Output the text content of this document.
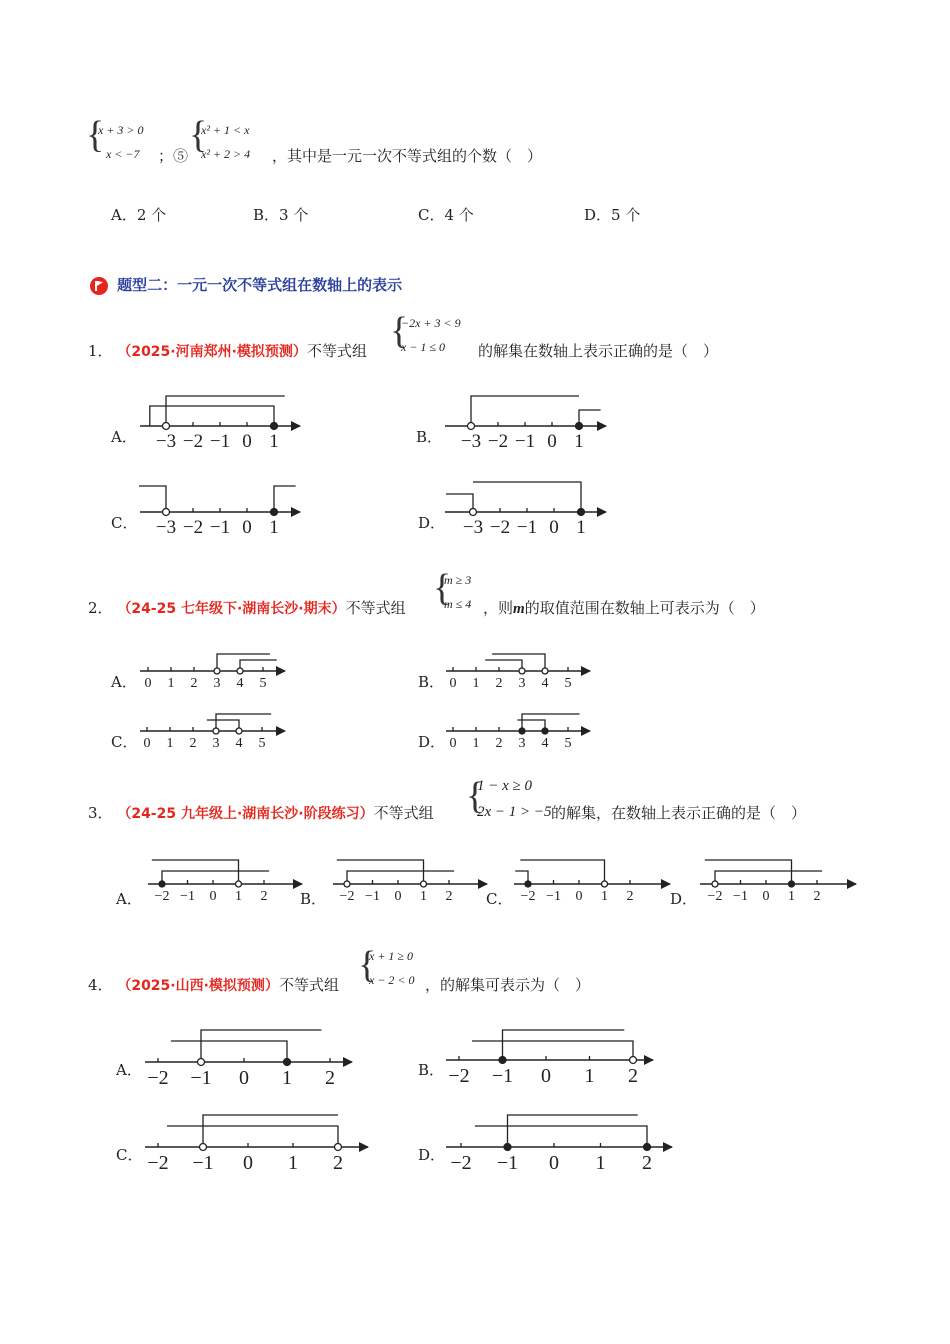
{
x + 3 > 0
x < −7 ；⑤ {
x² + 1 < x
x² + 2 > 4 ，其中是一元一次不等式组的个数（　）
A．2 个	B．3 个	C．4 个	D．5 个
题型二：一元一次不等式组在数轴上的表示
{
−2x + 3 < 9
x − 1 ≤ 0
1． （2025·河南郑州·模拟预测）不等式组	的解集在数轴上表示正确的是（　）
A．	B．
C．	D．
−3 −2 −1 0 1	−3 −2 −1 0 1
−3 −2 −1 0 1	−3 −2 −1 0 1
0 1 2 3 4 5	0 1 2 3 4 5
0 1 2 3 4 5	0 1 2 3 4 5
−2 −1 0 1 2	−2 −1 0 1 2	−2 −1 0 1 2	−2 −1 0 1 2
−2 −1 0 1 2	−2 −1 0 1 2
−2 −1 0 1 2	−2 −1 0 1 2
{
m ≥ 3
m ≤ 4
2． （24-25 七年级下·湖南长沙·期末）不等式组	，则m的取值范围在数轴上可表示为（　）
A．	B．
C．	D．
{
1 − x ≥ 0
2x − 1 > −5
3． （24-25 九年级上·湖南长沙·阶段练习）不等式组	的解集，在数轴上表示正确的是（　）
A．	B．	C．	D．
{
x + 1 ≥ 0
x − 2 < 0
4． （2025·山西·模拟预测）不等式组	，的解集可表示为（　）
A．	B．
C．	D．
